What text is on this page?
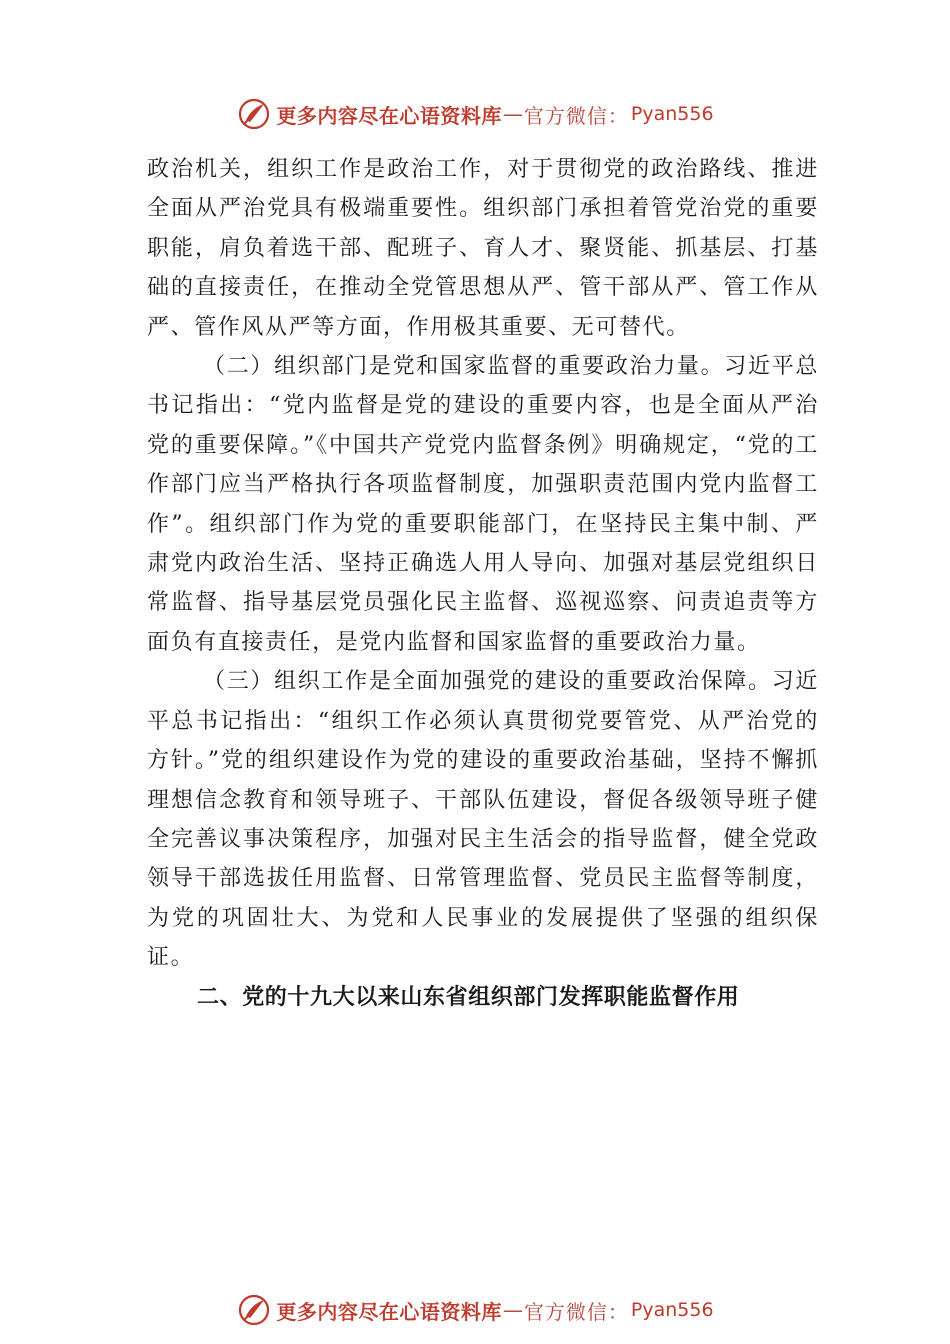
更多内容尽在心语资料库 — 官方微信： Pyan556

政治机关，组织工作是政治工作，对于贯彻党的政治路线、推进全面从严治党具有极端重要性。组织部门承担着管党治党的重要职能，肩负着选干部、配班子、育人才、聚贤能、抓基层、打基础的直接责任，在推动全党管思想从严、管干部从严、管工作从严、管作风从严等方面，作用极其重要、无可替代。

（二）组织部门是党和国家监督的重要政治力量。习近平总书记指出：“党内监督是党的建设的重要内容，也是全面从严治党的重要保障。”《中国共产党党内监督条例》明确规定，“党的工作部门应当严格执行各项监督制度，加强职责范围内党内监督工作”。组织部门作为党的重要职能部门，在坚持民主集中制、严肃党内政治生活、坚持正确选人用人导向、加强对基层党组织日常监督、指导基层党员强化民主监督、巡视巡察、问责追责等方面负有直接责任，是党内监督和国家监督的重要政治力量。

（三）组织工作是全面加强党的建设的重要政治保障。习近平总书记指出：“组织工作必须认真贯彻党要管党、从严治党的方针。”党的组织建设作为党的建设的重要政治基础，坚持不懈抓理想信念教育和领导班子、干部队伍建设，督促各级领导班子健全完善议事决策程序，加强对民主生活会的指导监督，健全党政领导干部选拔任用监督、日常管理监督、党员民主监督等制度，为党的巩固壮大、为党和人民事业的发展提供了坚强的组织保证。

二、党的十九大以来山东省组织部门发挥职能监督作用

更多内容尽在心语资料库 — 官方微信： Pyan556
